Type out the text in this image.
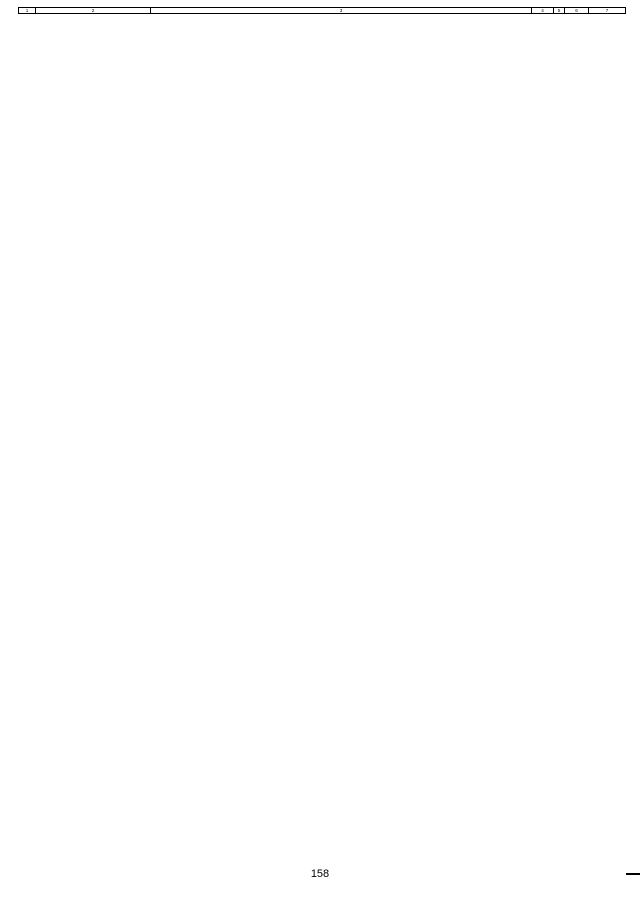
1	2	3	4	5	6	7
158
